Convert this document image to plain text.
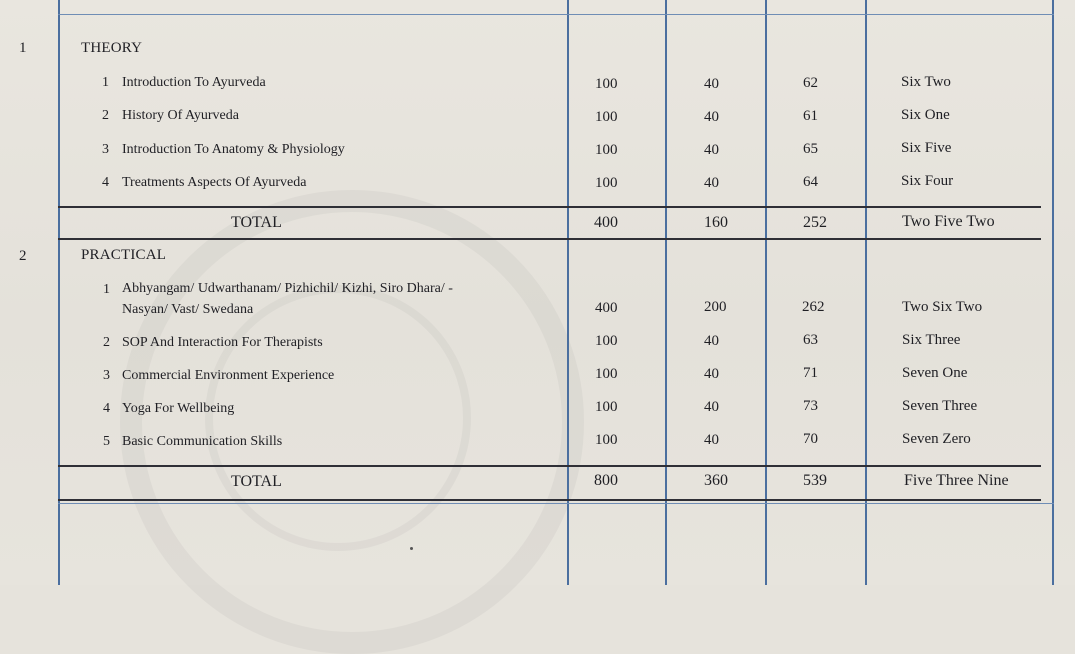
1	THEORY
1 Introduction To Ayurveda	100	40	62	Six Two
2 History Of Ayurveda	100	40	61	Six One
3 Introduction To Anatomy & Physiology	100	40	65	Six Five
4 Treatments Aspects Of Ayurveda	100	40	64	Six Four
TOTAL	400	160	252	Two Five Two
2	PRACTICAL
1 Abhyangam/ Udwarthanam/ Pizhichil/ Kizhi, Siro Dhara/ -
Nasyan/ Vast/ Swedana	400	200	262	Two Six Two
2 SOP And Interaction For Therapists	100	40	63	Six Three
3 Commercial Environment Experience	100	40	71	Seven One
4 Yoga For Wellbeing	100	40	73	Seven Three
5 Basic Communication Skills	100	40	70	Seven Zero
TOTAL	800	360	539	Five Three Nine
